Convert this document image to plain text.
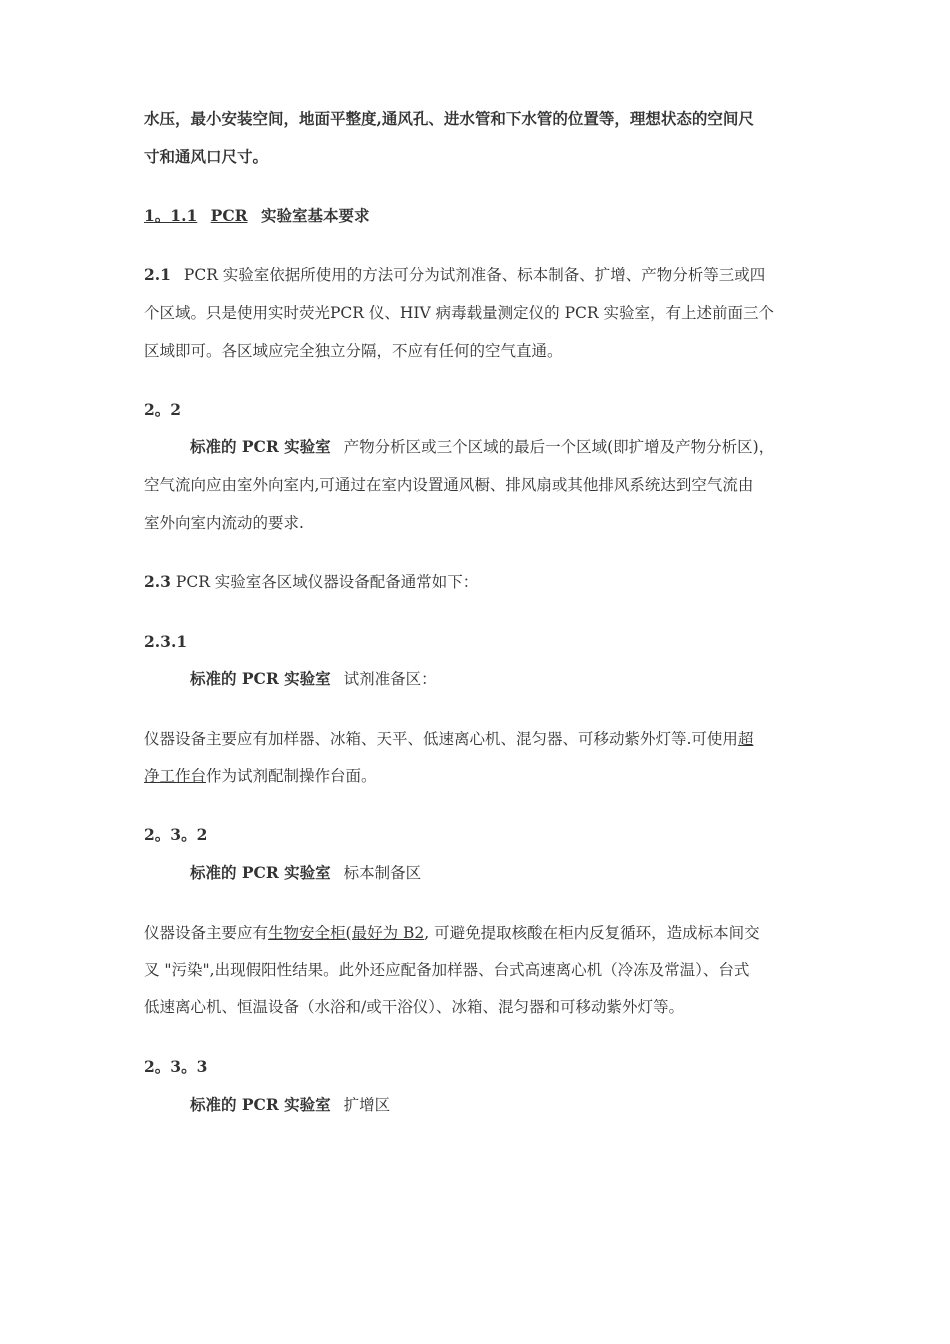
水压，最小安装空间，地面平整度,通风孔、进水管和下水管的位置等，理想状态的空间尺
寸和通风口尺寸。
1。1.1 PCR 实验室基本要求
2.1 PCR 实验室依据所使用的方法可分为试剂准备、标本制备、扩增、产物分析等三或四
个区域。只是使用实时荧光PCR 仪、HIV 病毒载量测定仪的 PCR 实验室，有上述前面三个
区域即可。各区域应完全独立分隔，不应有任何的空气直通。
2。2
标准的 PCR 实验室 产物分析区或三个区域的最后一个区域(即扩增及产物分析区)，
空气流向应由室外向室内,可通过在室内设置通风橱、排风扇或其他排风系统达到空气流由
室外向室内流动的要求.
2.3 PCR 实验室各区域仪器设备配备通常如下：
2.3.1
标准的 PCR 实验室 试剂准备区：
仪器设备主要应有加样器、冰箱、天平、低速离心机、混匀器、可移动紫外灯等.可使用超
净工作台作为试剂配制操作台面。
2。3。2
标准的 PCR 实验室 标本制备区
仪器设备主要应有生物安全柜(最好为 B2, 可避免提取核酸在柜内反复循环，造成标本间交
叉 "污染",出现假阳性结果。此外还应配备加样器、台式高速离心机（冷冻及常温）、台式
低速离心机、恒温设备（水浴和/或干浴仪）、冰箱、混匀器和可移动紫外灯等。
2。3。3
标准的 PCR 实验室 扩增区
